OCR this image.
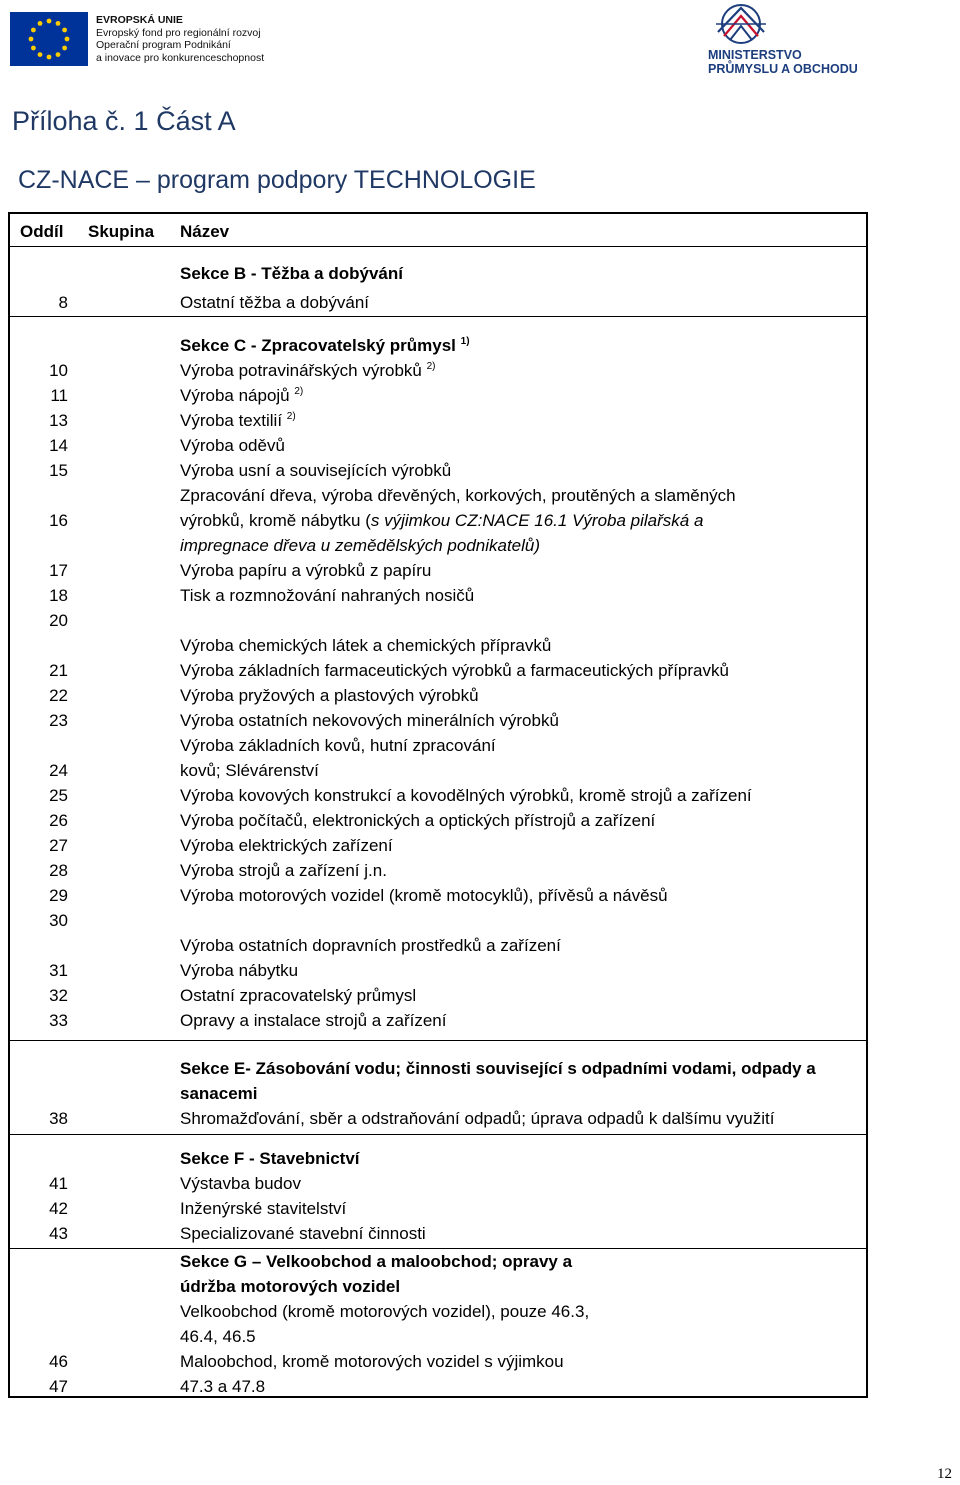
EVROPSKÁ UNIE
Evropský fond pro regionální rozvoj
Operační program Podnikání
a inovace pro konkurenceschopnost	MINISTERSTVO
PRŮMYSLU A OBCHODU
Příloha č. 1 Část A
CZ-NACE – program podpory TECHNOLOGIE
Oddíl Skupina Název
Sekce B - Těžba a dobývání
8	Ostatní těžba a dobývání
Sekce C - Zpracovatelský průmysl $^{1)}$
10	Výroba potravinářských výrobků $^{2)}$
11	Výroba nápojů $^{2)}$
13	Výroba textilií $^{2)}$
14	Výroba oděvů
15	Výroba usní a souvisejících výrobků
Zpracování dřeva, výroba dřevěných, korkových, proutěných a slaměných
16	výrobků, kromě nábytku (s výjimkou CZ:NACE 16.1 Výroba pilařská a
impregnace dřeva u zemědělských podnikatelů)
17	Výroba papíru a výrobků z papíru
18	Tisk a rozmnožování nahraných nosičů
20
Výroba chemických látek a chemických přípravků
21	Výroba základních farmaceutických výrobků a farmaceutických přípravků
22	Výroba pryžových a plastových výrobků
23	Výroba ostatních nekovových minerálních výrobků
Výroba základních kovů, hutní zpracování
24	kovů; Slévárenství
25	Výroba kovových konstrukcí a kovodělných výrobků, kromě strojů a zařízení
26	Výroba počítačů, elektronických a optických přístrojů a zařízení
27	Výroba elektrických zařízení
28	Výroba strojů a zařízení j.n.
29	Výroba motorových vozidel (kromě motocyklů), přívěsů a návěsů
30
Výroba ostatních dopravních prostředků a zařízení
31	Výroba nábytku
32	Ostatní zpracovatelský průmysl
33	Opravy a instalace strojů a zařízení
Sekce E- Zásobování vodu; činnosti související s odpadními vodami, odpady a
sanacemi
38	Shromažďování, sběr a odstraňování odpadů; úprava odpadů k dalšímu využití
Sekce F - Stavebnictví
41	Výstavba budov
42	Inženýrské stavitelství
43	Specializované stavební činnosti
Sekce G – Velkoobchod a maloobchod; opravy a
údržba motorových vozidel
Velkoobchod (kromě motorových vozidel), pouze 46.3,
46.4, 46.5
46	Maloobchod, kromě motorových vozidel s výjimkou
47	47.3 a 47.8
12
